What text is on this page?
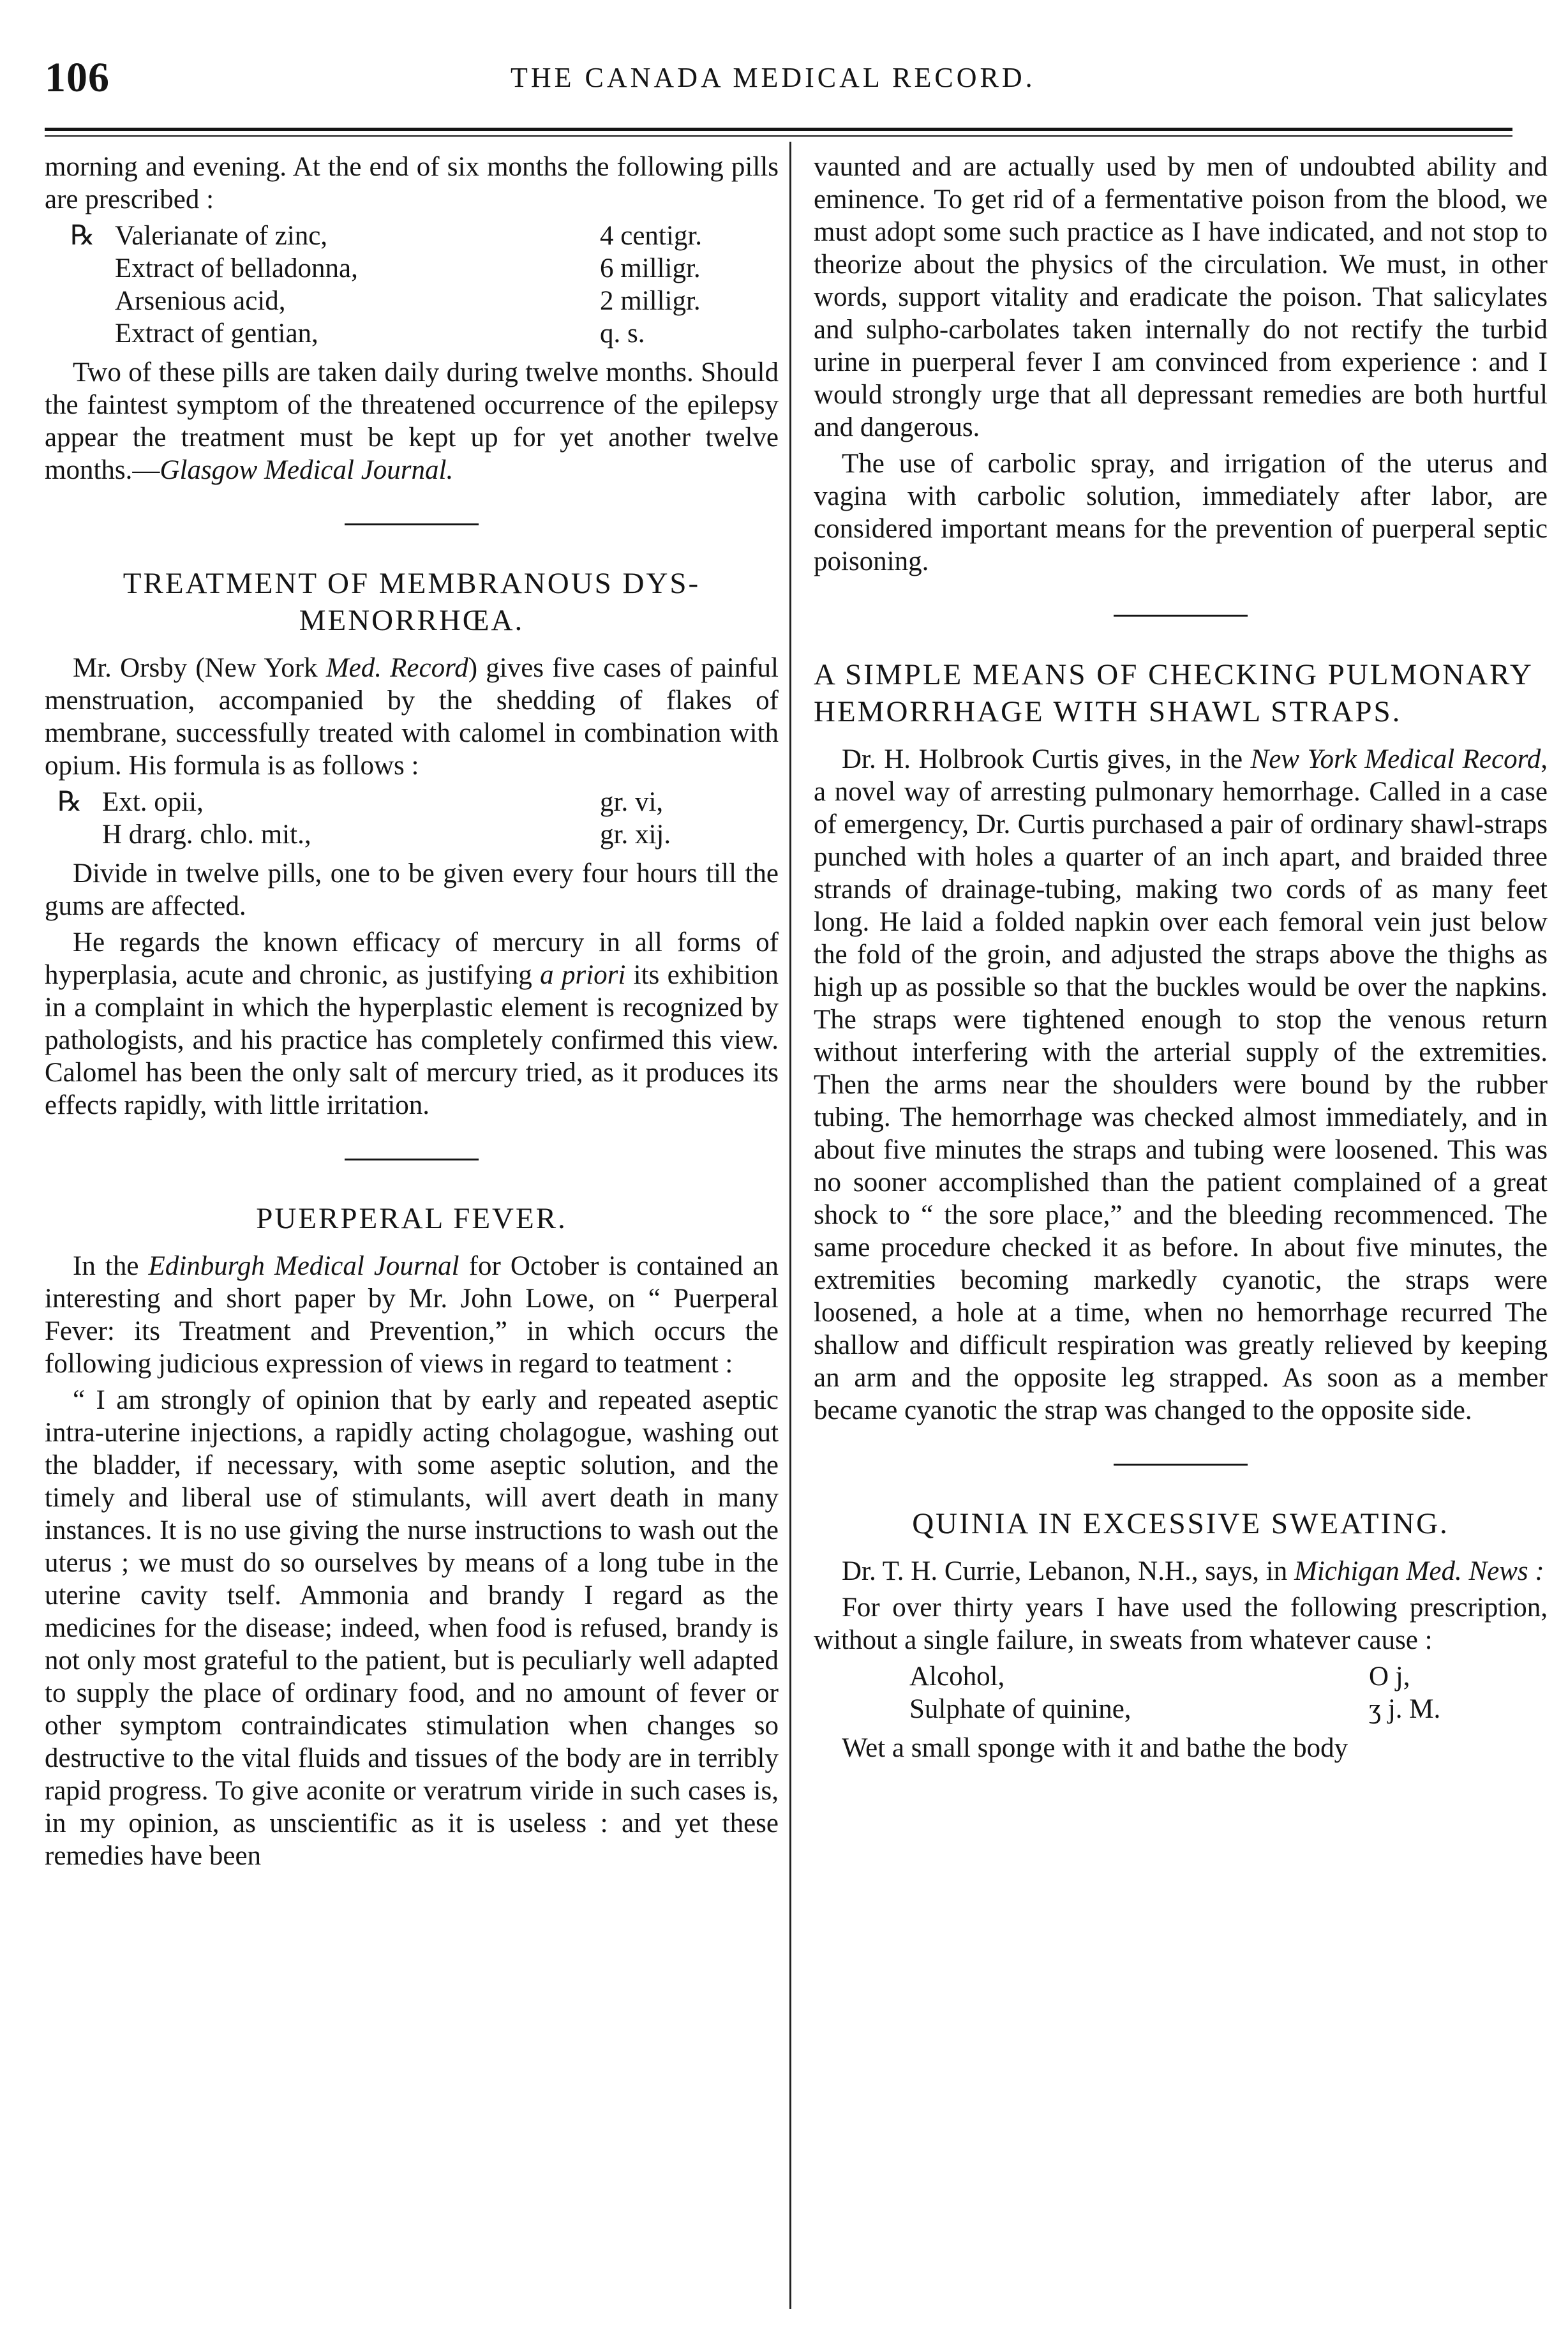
106	THE CANADA MEDICAL RECORD.

morning and evening. At the end of six months the following pills are prescribed :

℞ Valerianate of zinc,	4 centigr.
Extract of belladonna,	6 milligr.
Arsenious acid,	2 milligr.
Extract of gentian,	q. s.

Two of these pills are taken daily during twelve months. Should the faintest symptom of the threatened occurrence of the epilepsy appear the treatment must be kept up for yet another twelve months.—Glasgow Medical Journal.

TREATMENT OF MEMBRANOUS DYS-MENORRHŒA.

Mr. Orsby (New York Med. Record) gives five cases of painful menstruation, accompanied by the shedding of flakes of membrane, successfully treated with calomel in combination with opium. His formula is as follows :

℞ Ext. opii,	gr. vi,
H drarg. chlo. mit.,	gr. xij.

Divide in twelve pills, one to be given every four hours till the gums are affected.

He regards the known efficacy of mercury in all forms of hyperplasia, acute and chronic, as justifying a priori its exhibition in a complaint in which the hyperplastic element is recognized by pathologists, and his practice has completely confirmed this view. Calomel has been the only salt of mercury tried, as it produces its effects rapidly, with little irritation.

PUERPERAL FEVER.

In the Edinburgh Medical Journal for October is contained an interesting and short paper by Mr. John Lowe, on “ Puerperal Fever: its Treatment and Prevention,” in which occurs the following judicious expression of views in regard to teatment :

“ I am strongly of opinion that by early and repeated aseptic intra-uterine injections, a rapidly acting cholagogue, washing out the bladder, if necessary, with some aseptic solution, and the timely and liberal use of stimulants, will avert death in many instances. It is no use giving the nurse instructions to wash out the uterus ; we must do so ourselves by means of a long tube in the uterine cavity tself. Ammonia and brandy I regard as the medicines for the disease; indeed, when food is refused, brandy is not only most grateful to the patient, but is peculiarly well adapted to supply the place of ordinary food, and no amount of fever or other symptom contraindicates stimulation when changes so destructive to the vital fluids and tissues of the body are in terribly rapid progress. To give aconite or veratrum viride in such cases is, in my opinion, as unscientific as it is useless : and yet these remedies have been

vaunted and are actually used by men of undoubted ability and eminence. To get rid of a fermentative poison from the blood, we must adopt some such practice as I have indicated, and not stop to theorize about the physics of the circulation. We must, in other words, support vitality and eradicate the poison. That salicylates and sulpho-carbolates taken internally do not rectify the turbid urine in puerperal fever I am convinced from experience : and I would strongly urge that all depressant remedies are both hurtful and dangerous.

The use of carbolic spray, and irrigation of the uterus and vagina with carbolic solution, immediately after labor, are considered important means for the prevention of puerperal septic poisoning.

A SIMPLE MEANS OF CHECKING PULMONARY HEMORRHAGE WITH SHAWL STRAPS.

Dr. H. Holbrook Curtis gives, in the New York Medical Record, a novel way of arresting pulmonary hemorrhage. Called in a case of emergency, Dr. Curtis purchased a pair of ordinary shawl-straps punched with holes a quarter of an inch apart, and braided three strands of drainage-tubing, making two cords of as many feet long. He laid a folded napkin over each femoral vein just below the fold of the groin, and adjusted the straps above the thighs as high up as possible so that the buckles would be over the napkins. The straps were tightened enough to stop the venous return without interfering with the arterial supply of the extremities. Then the arms near the shoulders were bound by the rubber tubing. The hemorrhage was checked almost immediately, and in about five minutes the straps and tubing were loosened. This was no sooner accomplished than the patient complained of a great shock to “ the sore place,” and the bleeding recommenced. The same procedure checked it as before. In about five minutes, the extremities becoming markedly cyanotic, the straps were loosened, a hole at a time, when no hemorrhage recurred The shallow and difficult respiration was greatly relieved by keeping an arm and the opposite leg strapped. As soon as a member became cyanotic the strap was changed to the opposite side.

QUINIA IN EXCESSIVE SWEATING.

Dr. T. H. Currie, Lebanon, N.H., says, in Michigan Med. News :

For over thirty years I have used the following prescription, without a single failure, in sweats from whatever cause :

Alcohol,	O j,
Sulphate of quinine,	ʒ j. M.

Wet a small sponge with it and bathe the body
